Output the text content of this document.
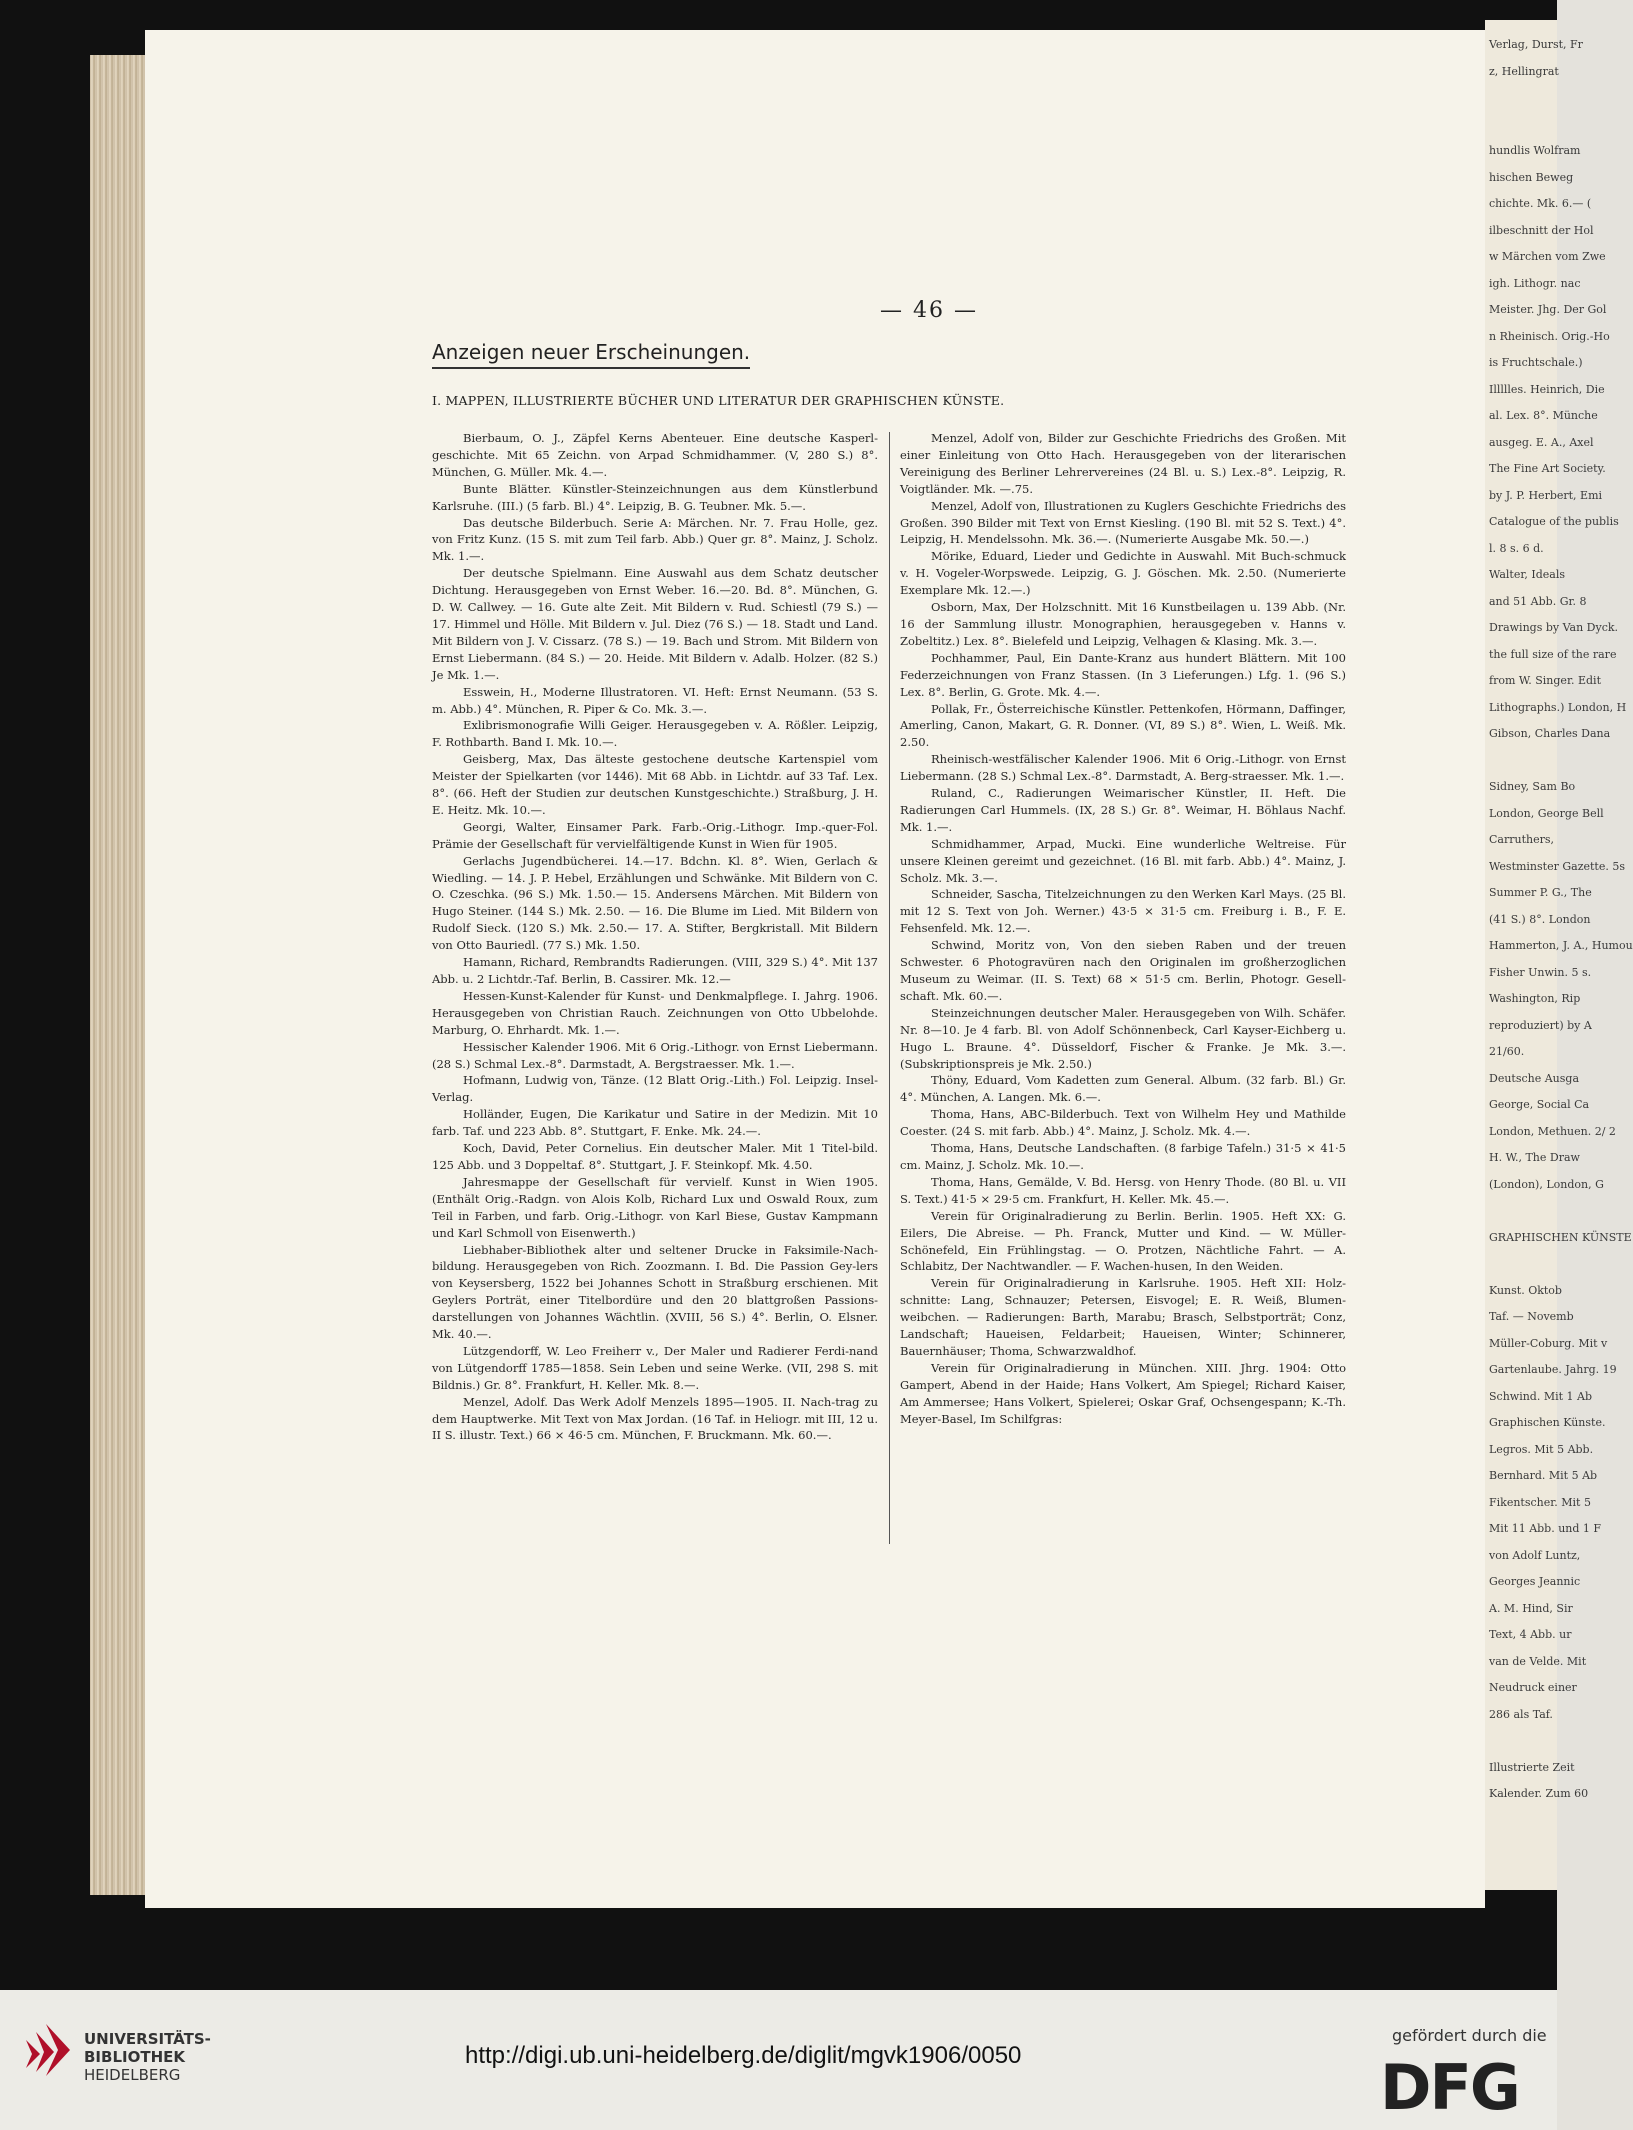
Verlag, Durst, Fr
z, Hellingrat
hundlis Wolfram
hischen Beweg
chichte. Mk. 6.— (
ilbeschnitt der Hol
w Märchen vom Zwe
igh. Lithogr. nac
Meister. Jhg. Der Gol
n Rheinisch. Orig.-Ho
is Fruchtschale.)
Illllles. Heinrich, Die
al. Lex. 8°. Münche
ausgeg. E. A., Axel
The Fine Art Society.
by J. P. Herbert, Emi
Catalogue of the publis
l. 8 s. 6 d.
Walter, Ideals
and 51 Abb. Gr. 8
Drawings by Van Dyck.
the full size of the rare
from W. Singer. Edit
Lithographs.) London, H
Gibson, Charles Dana
Sidney, Sam Bo
London, George Bell
Carruthers,
Westminster Gazette. 5s
Summer P. G., The
(41 S.) 8°. London
Hammerton, J. A., Humou
Fisher Unwin. 5 s.
Washington, Rip
reproduziert) by A
21/60.
Deutsche Ausga
George, Social Ca
London, Methuen. 2/ 2
H. W., The Draw
(London), London, G
GRAPHISCHEN KÜNSTE
Kunst. Oktob
Taf. — Novemb
Müller-Coburg. Mit v
Gartenlaube. Jahrg. 19
Schwind. Mit 1 Ab
Graphischen Künste.
Legros. Mit 5 Abb.
Bernhard. Mit 5 Ab
Fikentscher. Mit 5
Mit 11 Abb. und 1 F
von Adolf Luntz,
Georges Jeannic
A. M. Hind, Sir
Text, 4 Abb. ur
van de Velde. Mit
Neudruck einer
286 als Taf.
Illustrierte Zeit
Kalender. Zum 60
— 46 —
Anzeigen neuer Erscheinungen.
I. MAPPEN, ILLUSTRIERTE BÜCHER UND LITERATUR DER GRAPHISCHEN KÜNSTE.

Bierbaum, O. J., Zäpfel Kerns Abenteuer. Eine deutsche Kasperl-geschichte. Mit 65 Zeichn. von Arpad Schmidhammer. (V, 280 S.) 8°. München, G. Müller. Mk. 4.—.

Bunte Blätter. Künstler-Steinzeichnungen aus dem Künstlerbund Karlsruhe. (III.) (5 farb. Bl.) 4°. Leipzig, B. G. Teubner. Mk. 5.—.

Das deutsche Bilderbuch. Serie A: Märchen. Nr. 7. Frau Holle, gez. von Fritz Kunz. (15 S. mit zum Teil farb. Abb.) Quer gr. 8°. Mainz, J. Scholz. Mk. 1.—.

Der deutsche Spielmann. Eine Auswahl aus dem Schatz deutscher Dichtung. Herausgegeben von Ernst Weber. 16.—20. Bd. 8°. München, G. D. W. Callwey. — 16. Gute alte Zeit. Mit Bildern v. Rud. Schiestl (79 S.) — 17. Himmel und Hölle. Mit Bildern v. Jul. Diez (76 S.) — 18. Stadt und Land. Mit Bildern von J. V. Cissarz. (78 S.) — 19. Bach und Strom. Mit Bildern von Ernst Liebermann. (84 S.) — 20. Heide. Mit Bildern v. Adalb. Holzer. (82 S.) Je Mk. 1.—.

Esswein, H., Moderne Illustratoren. VI. Heft: Ernst Neumann. (53 S. m. Abb.) 4°. München, R. Piper & Co. Mk. 3.—.

Exlibrismonografie Willi Geiger. Herausgegeben v. A. Rößler. Leipzig, F. Rothbarth. Band I. Mk. 10.—.

Geisberg, Max, Das älteste gestochene deutsche Kartenspiel vom Meister der Spielkarten (vor 1446). Mit 68 Abb. in Lichtdr. auf 33 Taf. Lex. 8°. (66. Heft der Studien zur deutschen Kunstgeschichte.) Straßburg, J. H. E. Heitz. Mk. 10.—.

Georgi, Walter, Einsamer Park. Farb.-Orig.-Lithogr. Imp.-quer-Fol. Prämie der Gesellschaft für vervielfältigende Kunst in Wien für 1905.

Gerlachs Jugendbücherei. 14.—17. Bdchn. Kl. 8°. Wien, Gerlach & Wiedling. — 14. J. P. Hebel, Erzählungen und Schwänke. Mit Bildern von C. O. Czeschka. (96 S.) Mk. 1.50.— 15. Andersens Märchen. Mit Bildern von Hugo Steiner. (144 S.) Mk. 2.50. — 16. Die Blume im Lied. Mit Bildern von Rudolf Sieck. (120 S.) Mk. 2.50.— 17. A. Stifter, Bergkristall. Mit Bildern von Otto Bauriedl. (77 S.) Mk. 1.50.

Hamann, Richard, Rembrandts Radierungen. (VIII, 329 S.) 4°. Mit 137 Abb. u. 2 Lichtdr.-Taf. Berlin, B. Cassirer. Mk. 12.—

Hessen-Kunst-Kalender für Kunst- und Denkmalpflege. I. Jahrg. 1906. Herausgegeben von Christian Rauch. Zeichnungen von Otto Ubbelohde. Marburg, O. Ehrhardt. Mk. 1.—.

Hessischer Kalender 1906. Mit 6 Orig.-Lithogr. von Ernst Liebermann. (28 S.) Schmal Lex.-8°. Darmstadt, A. Bergstraesser. Mk. 1.—.

Hofmann, Ludwig von, Tänze. (12 Blatt Orig.-Lith.) Fol. Leipzig. Insel-Verlag.

Holländer, Eugen, Die Karikatur und Satire in der Medizin. Mit 10 farb. Taf. und 223 Abb. 8°. Stuttgart, F. Enke. Mk. 24.—.

Koch, David, Peter Cornelius. Ein deutscher Maler. Mit 1 Titel-bild. 125 Abb. und 3 Doppeltaf. 8°. Stuttgart, J. F. Steinkopf. Mk. 4.50.

Jahresmappe der Gesellschaft für vervielf. Kunst in Wien 1905. (Enthält Orig.-Radgn. von Alois Kolb, Richard Lux und Oswald Roux, zum Teil in Farben, und farb. Orig.-Lithogr. von Karl Biese, Gustav Kampmann und Karl Schmoll von Eisenwerth.)

Liebhaber-Bibliothek alter und seltener Drucke in Faksimile-Nach-bildung. Herausgegeben von Rich. Zoozmann. I. Bd. Die Passion Gey-lers von Keysersberg, 1522 bei Johannes Schott in Straßburg erschienen. Mit Geylers Porträt, einer Titelbordüre und den 20 blattgroßen Passions-darstellungen von Johannes Wächtlin. (XVIII, 56 S.) 4°. Berlin, O. Elsner. Mk. 40.—.

Lützgendorff, W. Leo Freiherr v., Der Maler und Radierer Ferdi-nand von Lütgendorff 1785—1858. Sein Leben und seine Werke. (VII, 298 S. mit Bildnis.) Gr. 8°. Frankfurt, H. Keller. Mk. 8.—.

Menzel, Adolf. Das Werk Adolf Menzels 1895—1905. II. Nach-trag zu dem Hauptwerke. Mit Text von Max Jordan. (16 Taf. in Heliogr. mit III, 12 u. II S. illustr. Text.) 66 × 46·5 cm. München, F. Bruckmann. Mk. 60.—.

Menzel, Adolf von, Bilder zur Geschichte Friedrichs des Großen. Mit einer Einleitung von Otto Hach. Herausgegeben von der literarischen Vereinigung des Berliner Lehrervereines (24 Bl. u. S.) Lex.-8°. Leipzig, R. Voigtländer. Mk. —.75.

Menzel, Adolf von, Illustrationen zu Kuglers Geschichte Friedrichs des Großen. 390 Bilder mit Text von Ernst Kiesling. (190 Bl. mit 52 S. Text.) 4°. Leipzig, H. Mendelssohn. Mk. 36.—. (Numerierte Ausgabe Mk. 50.—.)

Mörike, Eduard, Lieder und Gedichte in Auswahl. Mit Buch-schmuck v. H. Vogeler-Worpswede. Leipzig, G. J. Göschen. Mk. 2.50. (Numerierte Exemplare Mk. 12.—.)

Osborn, Max, Der Holzschnitt. Mit 16 Kunstbeilagen u. 139 Abb. (Nr. 16 der Sammlung illustr. Monographien, herausgegeben v. Hanns v. Zobeltitz.) Lex. 8°. Bielefeld und Leipzig, Velhagen & Klasing. Mk. 3.—.

Pochhammer, Paul, Ein Dante-Kranz aus hundert Blättern. Mit 100 Federzeichnungen von Franz Stassen. (In 3 Lieferungen.) Lfg. 1. (96 S.) Lex. 8°. Berlin, G. Grote. Mk. 4.—.

Pollak, Fr., Österreichische Künstler. Pettenkofen, Hörmann, Daffinger, Amerling, Canon, Makart, G. R. Donner. (VI, 89 S.) 8°. Wien, L. Weiß. Mk. 2.50.

Rheinisch-westfälischer Kalender 1906. Mit 6 Orig.-Lithogr. von Ernst Liebermann. (28 S.) Schmal Lex.-8°. Darmstadt, A. Berg-straesser. Mk. 1.—.

Ruland, C., Radierungen Weimarischer Künstler, II. Heft. Die Radierungen Carl Hummels. (IX, 28 S.) Gr. 8°. Weimar, H. Böhlaus Nachf. Mk. 1.—.

Schmidhammer, Arpad, Mucki. Eine wunderliche Weltreise. Für unsere Kleinen gereimt und gezeichnet. (16 Bl. mit farb. Abb.) 4°. Mainz, J. Scholz. Mk. 3.—.

Schneider, Sascha, Titelzeichnungen zu den Werken Karl Mays. (25 Bl. mit 12 S. Text von Joh. Werner.) 43·5 × 31·5 cm. Freiburg i. B., F. E. Fehsenfeld. Mk. 12.—.

Schwind, Moritz von, Von den sieben Raben und der treuen Schwester. 6 Photogravüren nach den Originalen im großherzoglichen Museum zu Weimar. (II. S. Text) 68 × 51·5 cm. Berlin, Photogr. Gesell-schaft. Mk. 60.—.

Steinzeichnungen deutscher Maler. Herausgegeben von Wilh. Schäfer. Nr. 8—10. Je 4 farb. Bl. von Adolf Schönnenbeck, Carl Kayser-Eichberg u. Hugo L. Braune. 4°. Düsseldorf, Fischer & Franke. Je Mk. 3.—. (Subskriptionspreis je Mk. 2.50.)

Thöny, Eduard, Vom Kadetten zum General. Album. (32 farb. Bl.) Gr. 4°. München, A. Langen. Mk. 6.—.

Thoma, Hans, ABC-Bilderbuch. Text von Wilhelm Hey und Mathilde Coester. (24 S. mit farb. Abb.) 4°. Mainz, J. Scholz. Mk. 4.—.

Thoma, Hans, Deutsche Landschaften. (8 farbige Tafeln.) 31·5 × 41·5 cm. Mainz, J. Scholz. Mk. 10.—.

Thoma, Hans, Gemälde, V. Bd. Hersg. von Henry Thode. (80 Bl. u. VII S. Text.) 41·5 × 29·5 cm. Frankfurt, H. Keller. Mk. 45.—.

Verein für Originalradierung zu Berlin. Berlin. 1905. Heft XX: G. Eilers, Die Abreise. — Ph. Franck, Mutter und Kind. — W. Müller-Schönefeld, Ein Frühlingstag. — O. Protzen, Nächtliche Fahrt. — A. Schlabitz, Der Nachtwandler. — F. Wachen-husen, In den Weiden.

Verein für Originalradierung in Karlsruhe. 1905. Heft XII: Holz-schnitte: Lang, Schnauzer; Petersen, Eisvogel; E. R. Weiß, Blumen-weibchen. — Radierungen: Barth, Marabu; Brasch, Selbstporträt; Conz, Landschaft; Haueisen, Feldarbeit; Haueisen, Winter; Schinnerer, Bauernhäuser; Thoma, Schwarzwaldhof.

Verein für Originalradierung in München. XIII. Jhrg. 1904: Otto Gampert, Abend in der Haide; Hans Volkert, Am Spiegel; Richard Kaiser, Am Ammersee; Hans Volkert, Spielerei; Oskar Graf, Ochsengespann; K.-Th. Meyer-Basel, Im Schilfgras:

UNIVERSITÄTS-
BIBLIOTHEK
HEIDELBERG

http://digi.ub.uni-heidelberg.de/diglit/mgvk1906/0050
gefördert durch die
DFG
